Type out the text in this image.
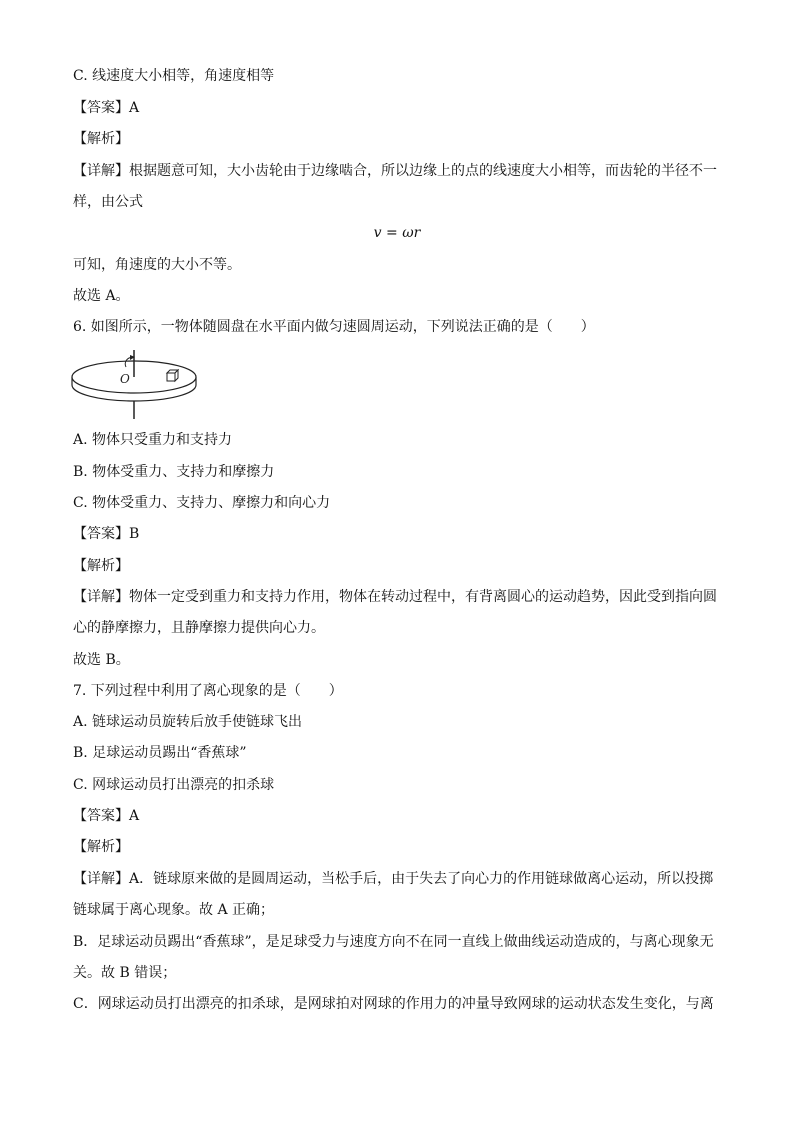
C. 线速度大小相等，角速度相等
【答案】A
【解析】
【详解】根据题意可知，大小齿轮由于边缘啮合，所以边缘上的点的线速度大小相等，而齿轮的半径不一
样，由公式
v = ωr
可知，角速度的大小不等。
故选 A。
6. 如图所示，一物体随圆盘在水平面内做匀速圆周运动，下列说法正确的是（　　）
O
A. 物体只受重力和支持力
B. 物体受重力、支持力和摩擦力
C. 物体受重力、支持力、摩擦力和向心力
【答案】B
【解析】
【详解】物体一定受到重力和支持力作用，物体在转动过程中，有背离圆心的运动趋势，因此受到指向圆
心的静摩擦力，且静摩擦力提供向心力。
故选 B。
7. 下列过程中利用了离心现象的是（　　）
A. 链球运动员旋转后放手使链球飞出
B. 足球运动员踢出“香蕉球”
C. 网球运动员打出漂亮的扣杀球
【答案】A
【解析】
【详解】A．链球原来做的是圆周运动，当松手后，由于失去了向心力的作用链球做离心运动，所以投掷
链球属于离心现象。故 A 正确；
B．足球运动员踢出“香蕉球”，是足球受力与速度方向不在同一直线上做曲线运动造成的，与离心现象无
关。故 B 错误；
C．网球运动员打出漂亮的扣杀球，是网球拍对网球的作用力的冲量导致网球的运动状态发生变化，与离
